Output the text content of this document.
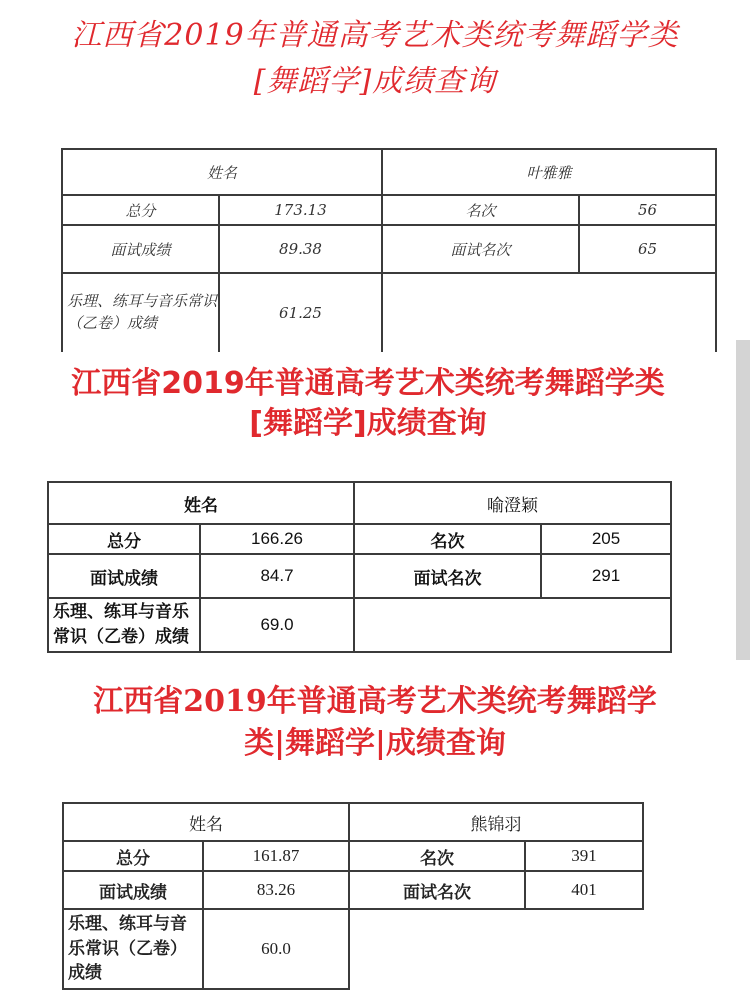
江西省2019年普通高考艺术类统考舞蹈学类
[舞蹈学]成绩查询
姓名		叶雅雅	
总分	173.13	名次	56
面试成绩	89.38	面试名次	65
乐理、练耳与音乐常识（乙卷）成绩	61.25		
江西省2019年普通高考艺术类统考舞蹈学类
[舞蹈学]成绩查询
姓名		喻澄颖	
总分	166.26	名次	205
面试成绩	84.7	面试名次	291
乐理、练耳与音乐常识（乙卷）成绩	69.0		
江西省2019年普通高考艺术类统考舞蹈学
类|舞蹈学|成绩查询
姓名		熊锦羽	
总分	161.87	名次	391
面试成绩	83.26	面试名次	401
乐理、练耳与音乐常识（乙卷）成绩	60.0		
